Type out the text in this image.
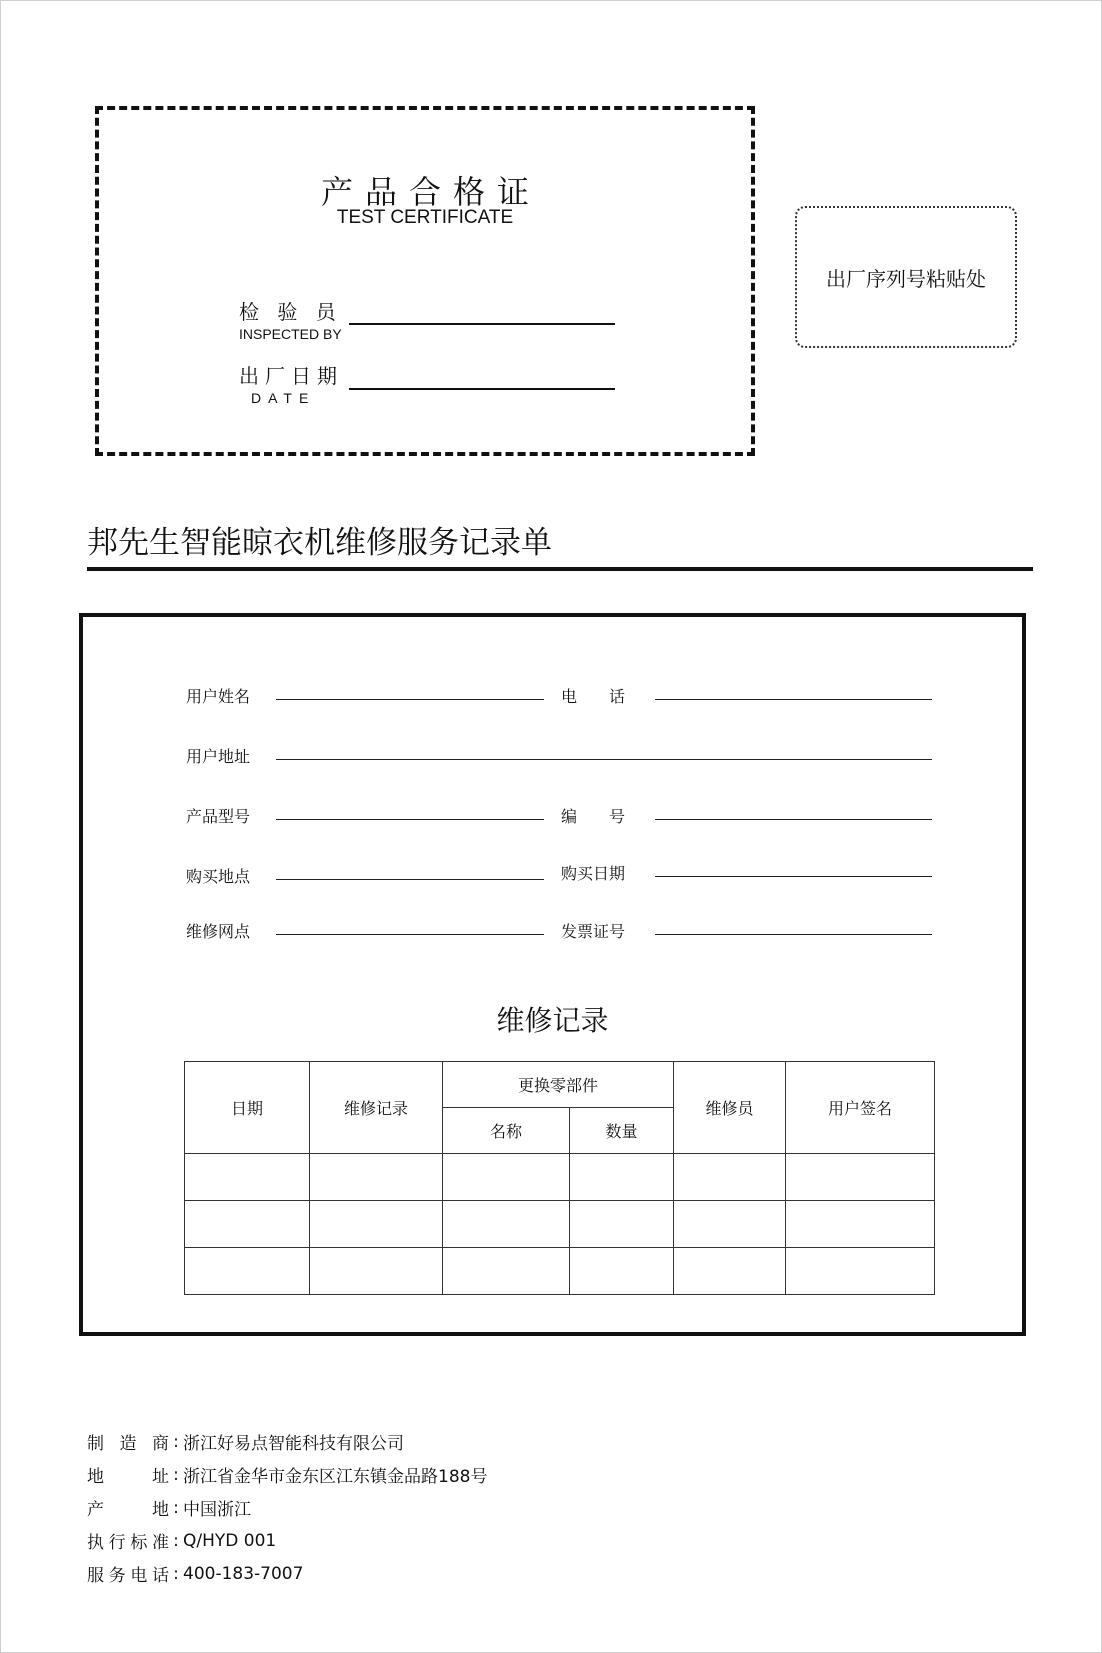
产品合格证
TEST CERTIFICATE
检 验 员
INSPECTED BY
出厂日期
DATE
出厂序列号粘贴处
邦先生智能晾衣机维修服务记录单
用户姓名	电　　话
用户地址
产品型号	编　　号
购买地点	购买日期
维修网点	发票证号
维修记录
日期	维修记录	更换零部件		维修员	用户签名
		名称	数量		

制 造 商 : 浙江好易点智能科技有限公司
地	址 : 浙江省金华市金东区江东镇金品路188号
产	地 : 中国浙江
执 行 标 准 : Q/HYD 001
服 务 电 话 : 400-183-7007
